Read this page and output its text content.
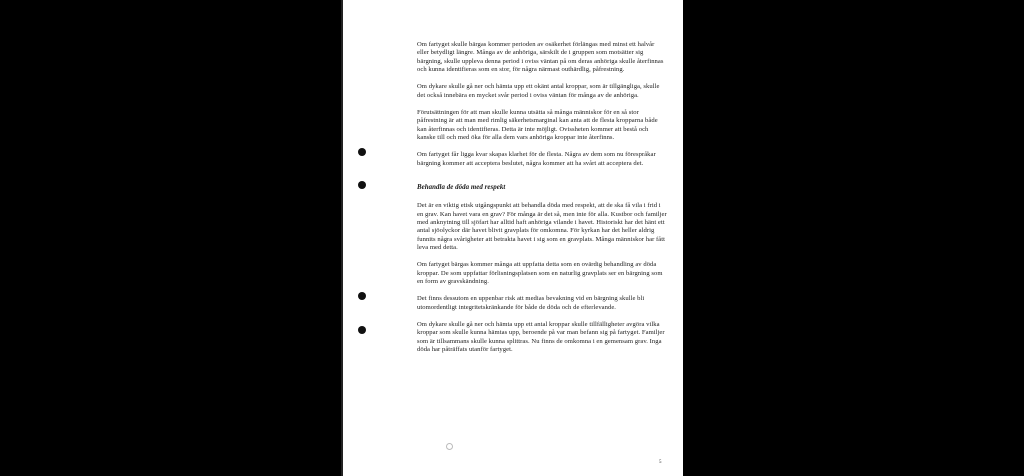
Om fartyget skulle bärgas kommer perioden av osäkerhet förlängas med minst ett halvår eller betydligt längre. Många av de anhöriga, särskilt de i gruppen som motsätter sig bärgning, skulle uppleva denna period i oviss väntan på om deras anhöriga skulle återfinnas och kunna identifieras som en stor, för några närmast outhärdlig, påfrestning.

Om dykare skulle gå ner och hämta upp ett okänt antal kroppar, som är tillgängliga, skulle det också innebära en mycket svår period i oviss väntan för många av de anhöriga.

Förutsättningen för att man skulle kunna utsätta så många människor för en så stor påfrestning är att man med rimlig säkerhetsmarginal kan anta att de flesta kropparna både kan återfinnas och identifieras. Detta är inte möjligt. Ovissheten kommer att bestå och kanske till och med öka för alla dem vars anhöriga kroppar inte återfinns.

Om fartyget får ligga kvar skapas klarhet för de flesta. Några av dem som nu förespråkar bärgning kommer att acceptera beslutet, några kommer att ha svårt att acceptera det.

Behandla de döda med respekt

Det är en viktig etisk utgångspunkt att behandla döda med respekt, att de ska få vila i frid i en grav. Kan havet vara en grav? För många är det så, men inte för alla. Kustbor och familjer med anknytning till sjöfart har alltid haft anhöriga vilande i havet. Historiskt har det hänt ett antal sjöolyckor där havet blivit gravplats för omkomna. För kyrkan har det heller aldrig funnits några svårigheter att betrakta havet i sig som en gravplats. Många människor har fått leva med detta.

Om fartyget bärgas kommer många att uppfatta detta som en ovärdig behandling av döda kroppar. De som uppfattar förlisningsplatsen som en naturlig gravplats ser en bärgning som en form av gravskändning.

Det finns dessutom en uppenbar risk att medias bevakning vid en bärgning skulle bli utomordentligt integritetskränkande för både de döda och de efterlevande.

Om dykare skulle gå ner och hämta upp ett antal kroppar skulle tillfälligheter avgöra vilka kroppar som skulle kunna hämtas upp, beroende på var man befann sig på fartyget. Familjer som är tillsammans skulle kunna splittras. Nu finns de omkomna i en gemensam grav. Inga döda har påträffats utanför fartyget.

5
